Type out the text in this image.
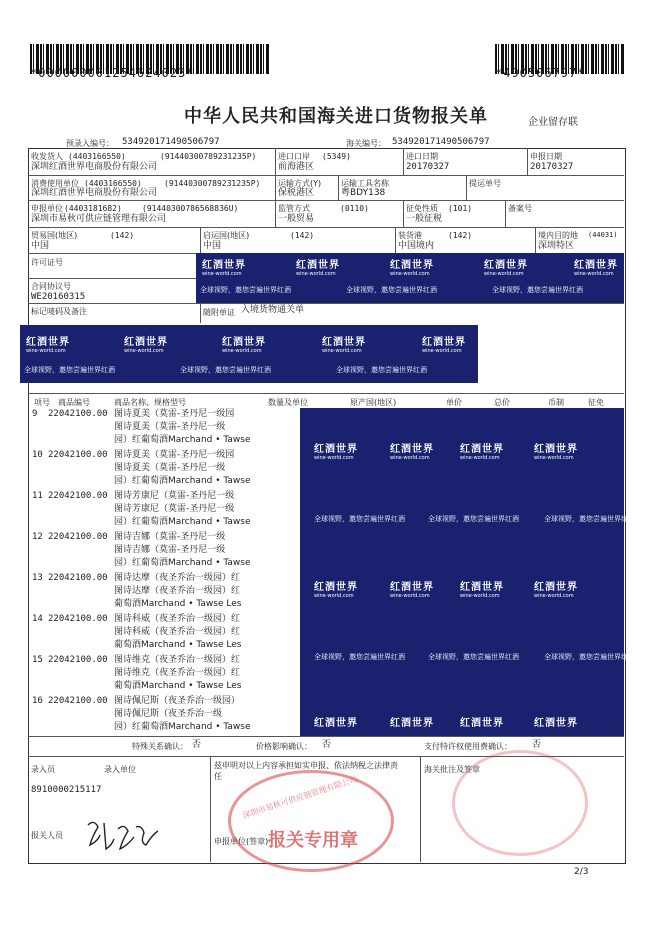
*000000001254624023*	*490506797*
中华人民共和国海关进口货物报关单	企业留存联
预录入编号： 534920171490506797	海关编号： 534920171490506797
收发货人 (4403166550)	(91440300789231235P)
深圳红酒世界电商股份有限公司
进口口岸 (5349)
前海港区
进口日期
20170327
申报日期
20170327
消费使用单位 (4403166550)	(91440300789231235P)
深圳红酒世界电商股份有限公司
运输方式(Y)
保税港区
运输工具名称
粤BDY138
提运单号
申报单位 (4403181682)	(91440300786568836U)
深圳市易秋可供应链管理有限公司
监管方式	(0110)
一般贸易
征免性质 (101)
一般征税
备案号
贸易国(地区)	(142)
中国
启运国(地区)	(142)
中国
装货港	(142)
中国境内
境内目的地 (44031)
深圳特区
许可证号
合同协议号
WE20160315
标记唛码及备注	随附单证 入境货物通关单
红酒世界
wine-world.com
红酒世界
wine-world.com
红酒世界
wine-world.com
红酒世界
wine-world.com
红酒世界
wine-world.com
全球视野，邀您尝遍世界红酒	全球视野，邀您尝遍世界红酒	全球视野，邀您尝遍世界红酒
红酒世界
wine-world.com
红酒世界
wine-world.com
红酒世界
wine-world.com
红酒世界
wine-world.com
红酒世界
wine-world.com
全球视野，邀您尝遍世界红酒	全球视野，邀您尝遍世界红酒	全球视野，邀您尝遍世界红酒
项号 商品编号	商品名称、规格型号	数量及单位	原产国(地区)	单价	总价	币制	征免
9 22042100.00 图诗夏美（莫雷-圣丹尼一级园
图诗夏美（莫雷-圣丹尼一级
园）红葡萄酒Marchand • Tawse
10 22042100.00 图诗夏美（莫雷-圣丹尼一级园
图诗夏美（莫雷-圣丹尼一级
园）红葡萄酒Marchand • Tawse
11 22042100.00 图诗芳康尼（莫雷-圣丹尼一级
图诗芳康尼（莫雷-圣丹尼一级
园）红葡萄酒Marchand • Tawse
12 22042100.00 图诗吉娜（莫雷-圣丹尼一级
图诗吉娜（莫雷-圣丹尼一级
园）红葡萄酒Marchand • Tawse
13 22042100.00 图诗达摩（夜圣乔治一级园）红
图诗达摩（夜圣乔治一级园）红
葡萄酒Marchand • Tawse Les
14 22042100.00 图诗科威（夜圣乔治一级园）红
图诗科威（夜圣乔治一级园）红
葡萄酒Marchand • Tawse Les
15 22042100.00 图诗维克（夜圣乔治一级园）红
图诗维克（夜圣乔治一级园）红
葡萄酒Marchand • Tawse Les
16 22042100.00 图诗佩尼斯（夜圣乔治一级园）
图诗佩尼斯（夜圣乔治一级
园）红葡萄酒Marchand • Tawse
红酒世界
wine-world.com
红酒世界
wine-world.com
红酒世界
wine-world.com
红酒世界
wine-world.com
全球视野，邀您尝遍世界红酒	全球视野，邀您尝遍世界红酒	全球视野，邀您尝遍世界红酒
红酒世界
wine-world.com
红酒世界
wine-world.com
红酒世界
wine-world.com
红酒世界
wine-world.com
全球视野，邀您尝遍世界红酒	全球视野，邀您尝遍世界红酒	全球视野，邀您尝遍世界红酒
红酒世界	红酒世界	红酒世界	红酒世界
特殊关系确认： 否	价格影响确认： 否	支付特许权使用费确认： 否
录入员	录入单位
8910000215117
兹申明对以上内容承担如实申报、依法纳税之法律责任
海关批注及签章
报关人员
申报单位(签章) 报关专用章
深圳市易秋可供应链管理有限公司
2/3
